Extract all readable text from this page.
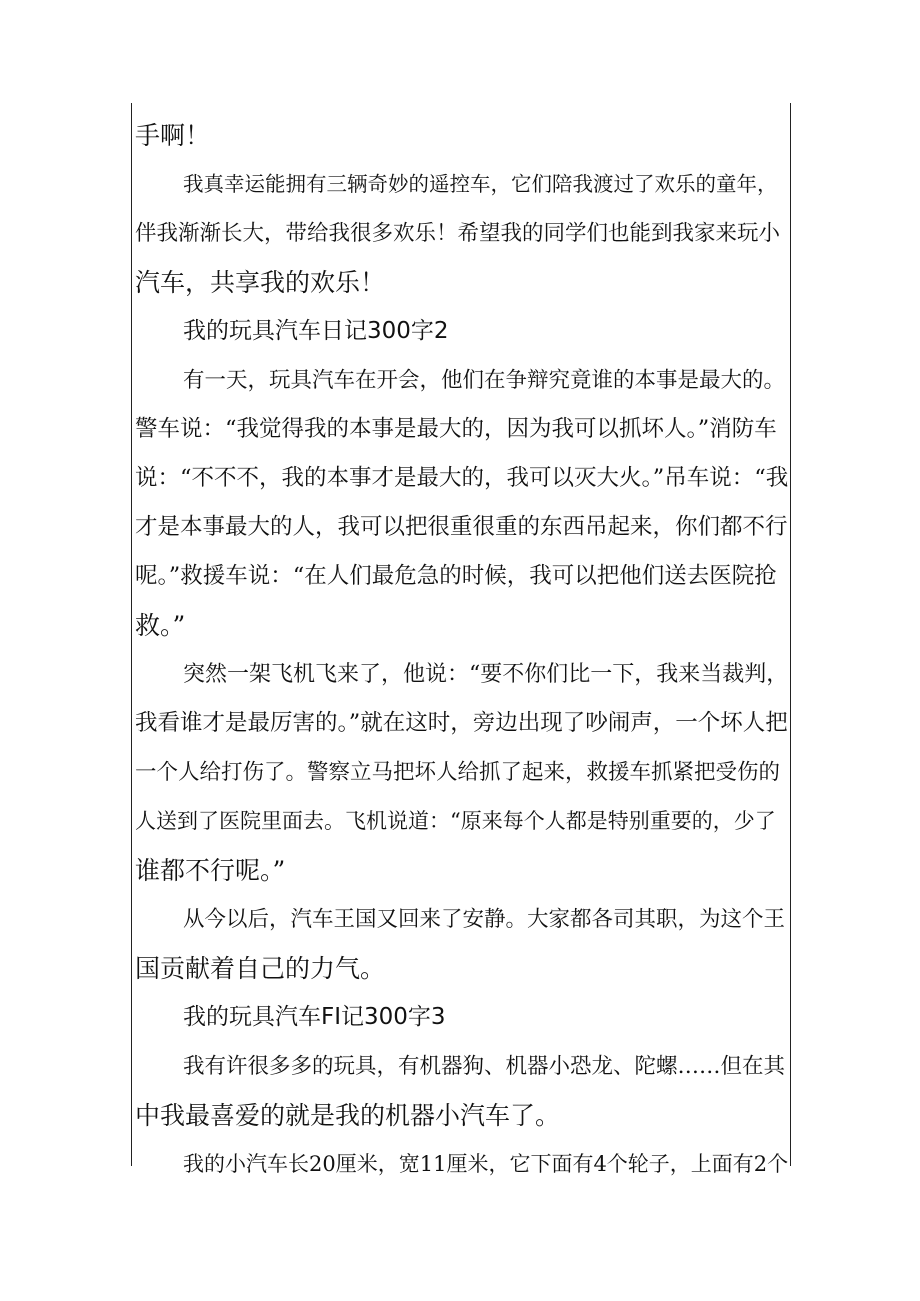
手啊！
我真幸运能拥有三辆奇妙的遥控车，它们陪我渡过了欢乐的童年，
伴我渐渐长大，带给我很多欢乐！希望我的同学们也能到我家来玩小
汽车，共享我的欢乐！
我的玩具汽车日记300字2
有一天，玩具汽车在开会，他们在争辩究竟谁的本事是最大的。
警车说：“我觉得我的本事是最大的，因为我可以抓坏人。”消防车
说：“不不不，我的本事才是最大的，我可以灭大火。”吊车说：“我
才是本事最大的人，我可以把很重很重的东西吊起来，你们都不行
呢。”救援车说：“在人们最危急的时候，我可以把他们送去医院抢
救。”
突然一架飞机飞来了，他说：“要不你们比一下，我来当裁判，
我看谁才是最厉害的。”就在这时，旁边出现了吵闹声，一个坏人把
一个人给打伤了。警察立马把坏人给抓了起来，救援车抓紧把受伤的
人送到了医院里面去。飞机说道：“原来每个人都是特别重要的，少了
谁都不行呢。”
从今以后，汽车王国又回来了安静。大家都各司其职，为这个王
国贡献着自己的力气。
我的玩具汽车FI记300字3
我有许很多多的玩具，有机器狗、机器小恐龙、陀螺……但在其
中我最喜爱的就是我的机器小汽车了。
我的小汽车长20厘米，宽11厘米，它下面有4个轮子，上面有2个
